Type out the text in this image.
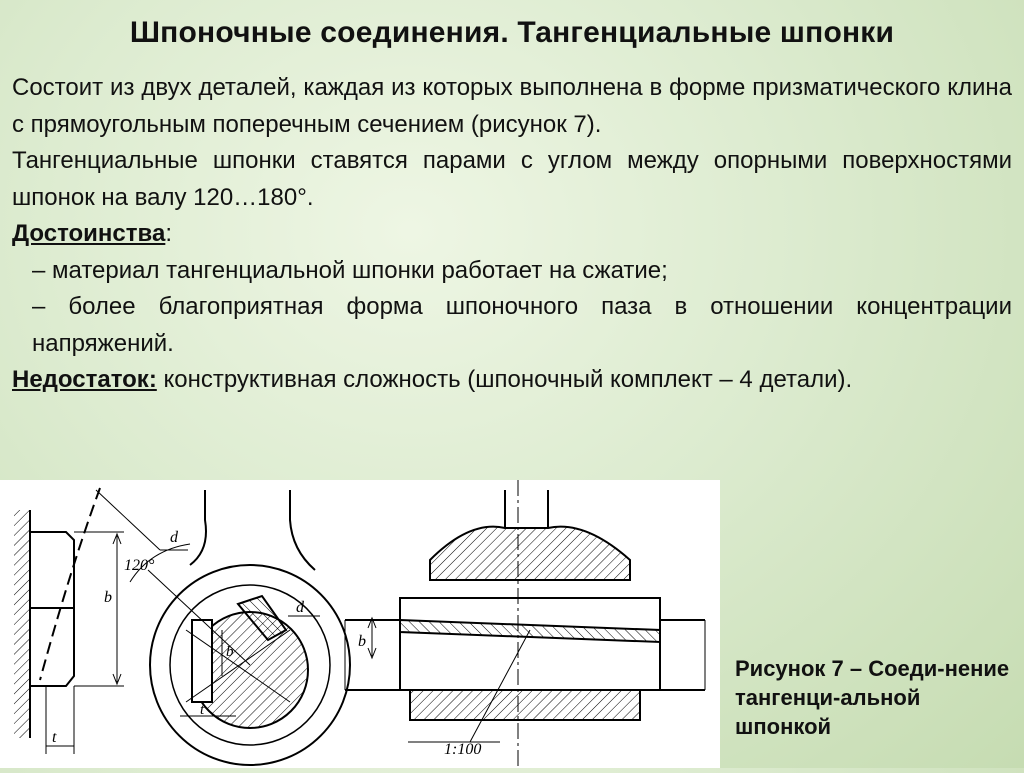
Шпоночные соединения. Тангенциальные шпонки

Состоит из двух деталей, каждая из которых выполнена в форме призматического клина с прямоугольным поперечным сечением (рисунок 7).

Тангенциальные шпонки ставятся парами с углом между опорными поверхностями шпонок на валу 120…180°.

Достоинства:

– материал тангенциальной шпонки работает на сжатие;

– более благоприятная форма шпоночного паза в отношении концентрации напряжений.

Недостаток: конструктивная сложность (шпоночный комплект – 4 детали).

b
t
d
120°
d
b
t
b
1:100
Рисунок 7 – Соеди-нение тангенци-альной шпонкой
